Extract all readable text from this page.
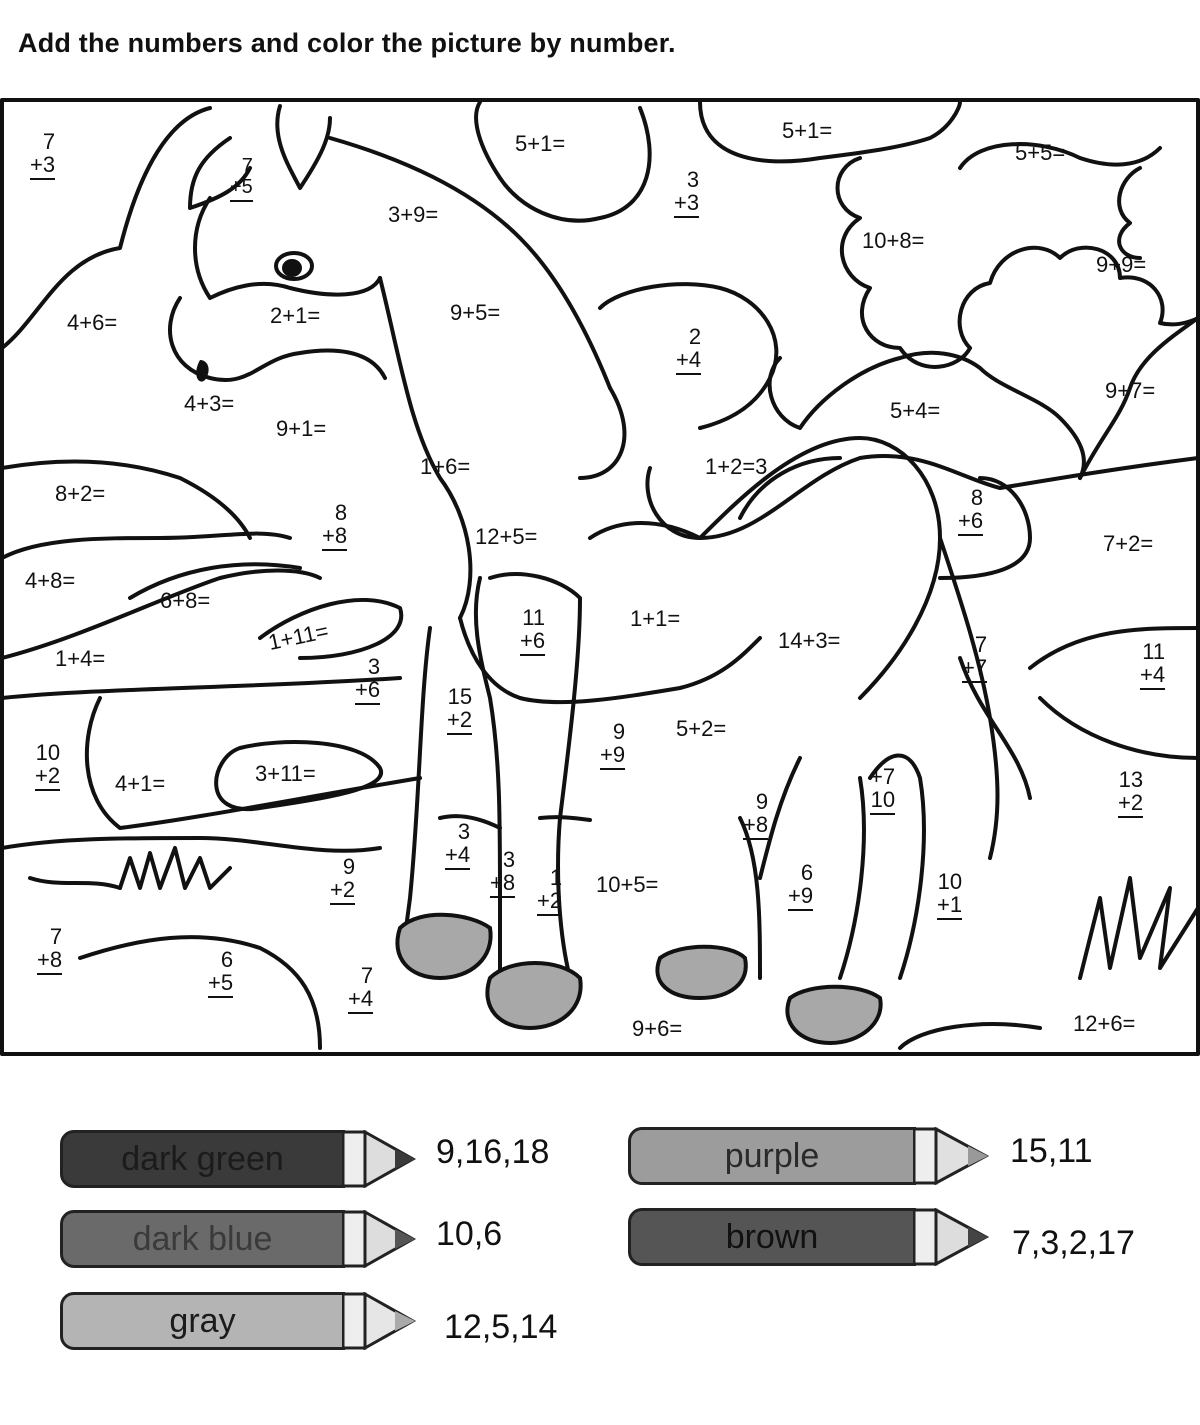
Add the numbers and color the picture by number.
5+1=
5+1=
5+5=
3+9=
10+8=
9+9=
4+6=	2+1=	9+5=
5+4=
9+7=
4+3=
9+1=
1+6=	1+2=3
8+2=
12+5=	7+2=
4+8=
6+8=
1+1=
14+3=
1+4=
1+11=
5+2=
4+1=	3+11=
10+5=
9+6=	12+6=
7
+3	7
+5	3
+3
2
+4
8
+8
8
+6
11
+6
3
+6
7
+7
11
+4
15
+2	9
+9
10
+2	+7
10
13
+2
9
+8
3
+4	3
+8	1
+2
9
+2
6
+9
10
+1
7
+8	6
+5	7
+4
dark green	9,16,18
dark blue	10,6
gray	12,5,14
purple	15,11
brown	7,3,2,17
